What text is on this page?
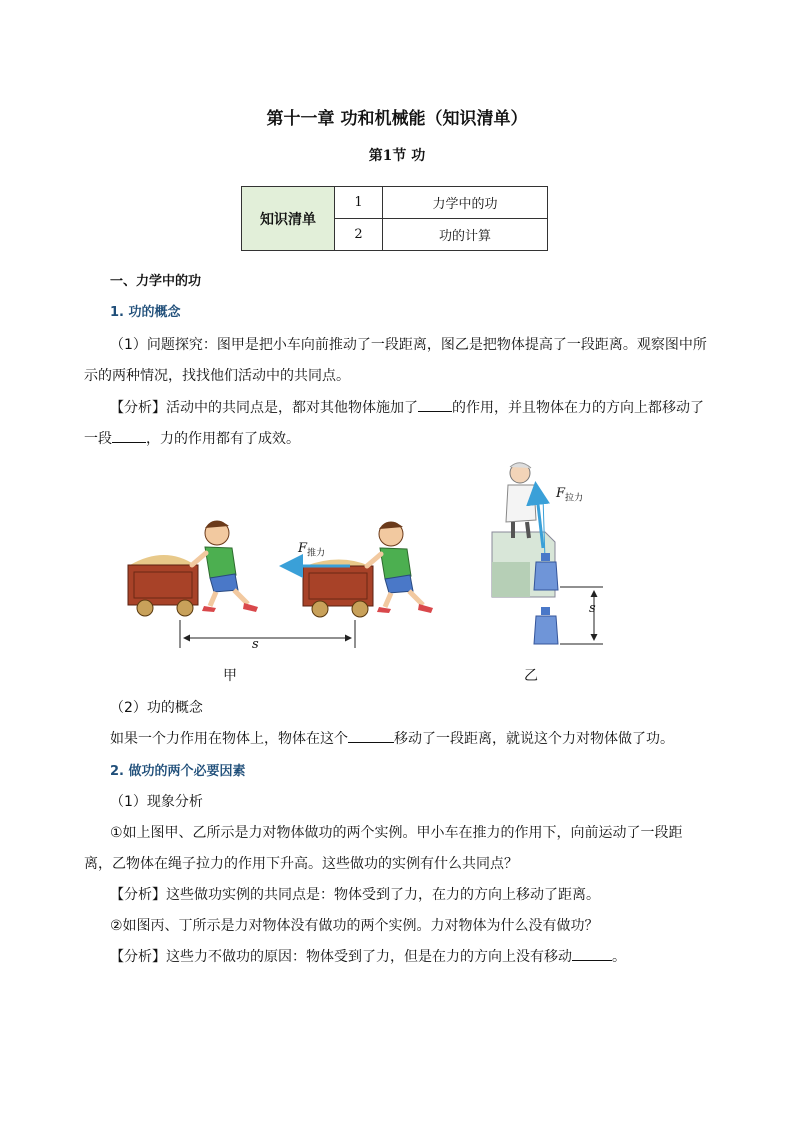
第十一章 功和机械能（知识清单）
第1节 功
知识清单	1	力学中的功
	2	功的计算
一、力学中的功
1. 功的概念
（1）问题探究：图甲是把小车向前推动了一段距离，图乙是把物体提高了一段距离。观察图中所
示的两种情况，找找他们活动中的共同点。
【分析】活动中的共同点是，都对其他物体施加了 的作用，并且物体在力的方向上都移动了
一段 ，力的作用都有了成效。
$F_{推力}$
$F_{拉力}$
s
s
甲	乙
（2）功的概念
如果一个力作用在物体上，物体在这个	移动了一段距离，就说这个力对物体做了功。
2. 做功的两个必要因素
（1）现象分析
①如上图甲、乙所示是力对物体做功的两个实例。甲小车在推力的作用下，向前运动了一段距
离，乙物体在绳子拉力的作用下升高。这些做功的实例有什么共同点？
【分析】这些做功实例的共同点是：物体受到了力，在力的方向上移动了距离。
②如图丙、丁所示是力对物体没有做功的两个实例。力对物体为什么没有做功？
【分析】这些力不做功的原因：物体受到了力，但是在力的方向上没有移动	。
